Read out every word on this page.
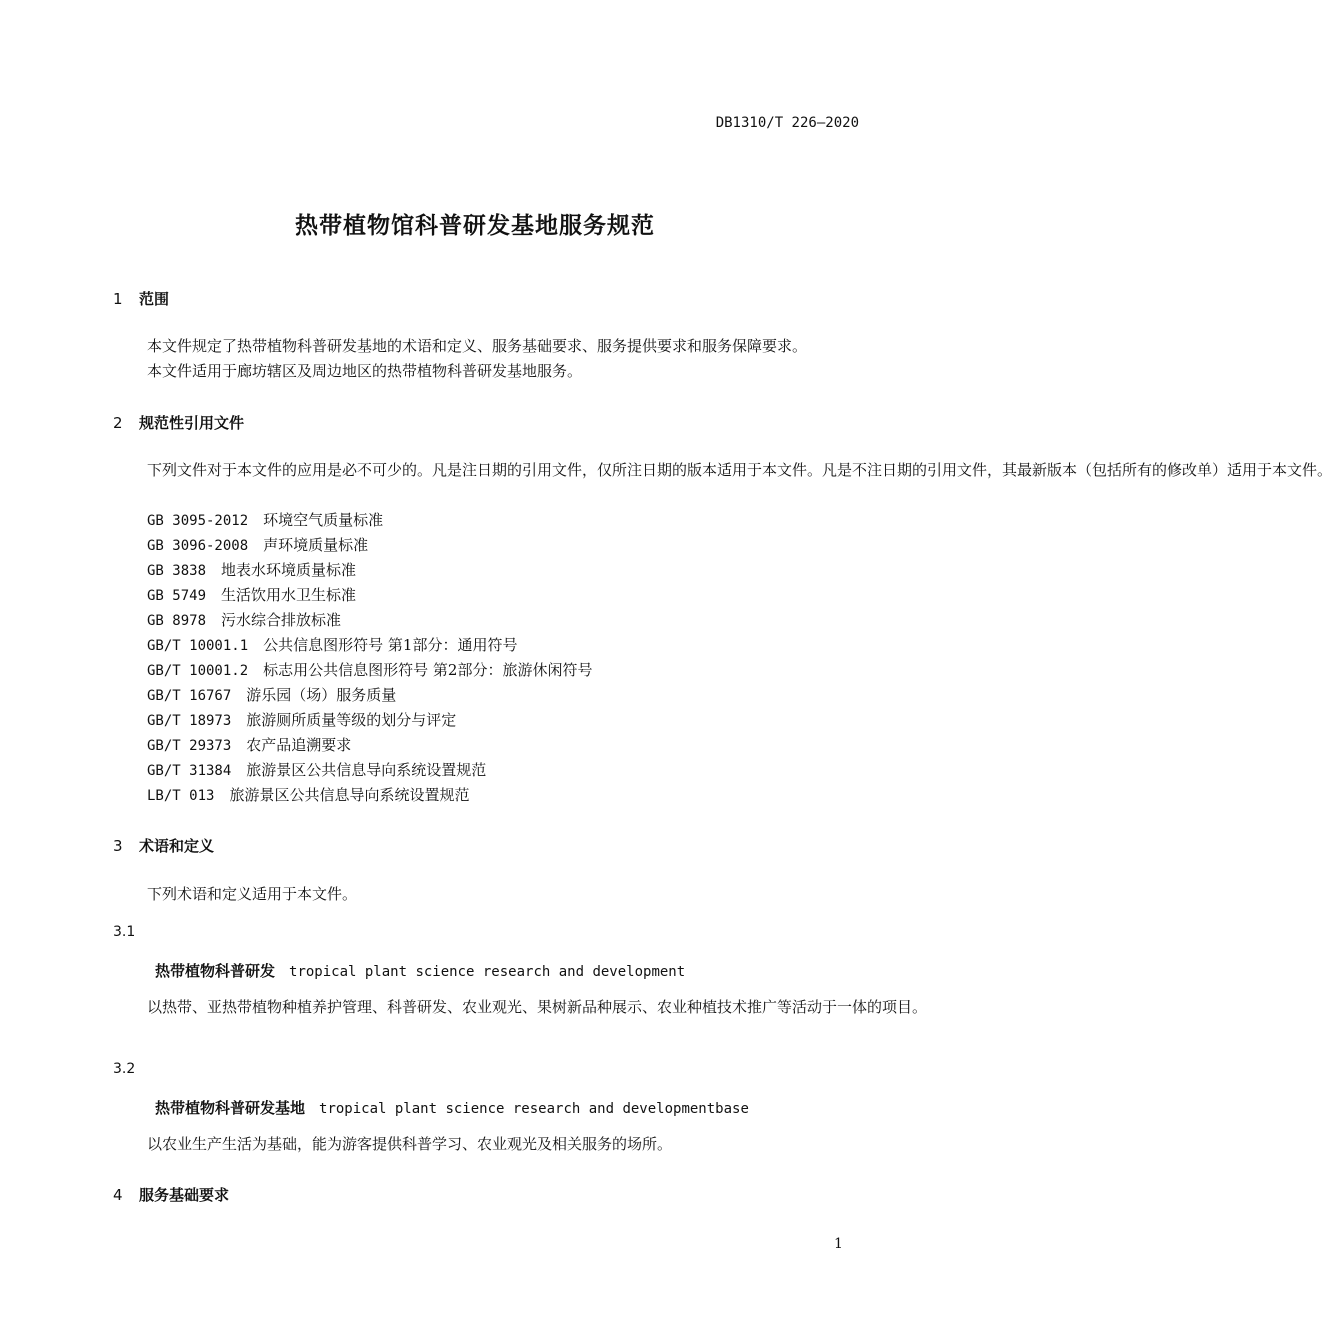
DB1310/T 226—2020
热带植物馆科普研发基地服务规范
1 范围

本文件规定了热带植物科普研发基地的术语和定义、服务基础要求、服务提供要求和服务保障要求。

本文件适用于廊坊辖区及周边地区的热带植物科普研发基地服务。

2 规范性引用文件

下列文件对于本文件的应用是必不可少的。凡是注日期的引用文件，仅所注日期的版本适用于本文件。凡是不注日期的引用文件，其最新版本（包括所有的修改单）适用于本文件。

GB 3095-2012  环境空气质量标准
GB 3096-2008  声环境质量标准
GB 3838  地表水环境质量标准
GB 5749  生活饮用水卫生标准
GB 8978  污水综合排放标准
GB/T 10001.1  公共信息图形符号 第1部分：通用符号
GB/T 10001.2  标志用公共信息图形符号 第2部分：旅游休闲符号
GB/T 16767  游乐园（场）服务质量
GB/T 18973  旅游厕所质量等级的划分与评定
GB/T 29373  农产品追溯要求
GB/T 31384  旅游景区公共信息导向系统设置规范
LB/T 013  旅游景区公共信息导向系统设置规范
3 术语和定义

下列术语和定义适用于本文件。

3.1
热带植物科普研发 tropical plant science research and development

以热带、亚热带植物种植养护管理、科普研发、农业观光、果树新品种展示、农业种植技术推广等活动于一体的项目。

3.2
热带植物科普研发基地 tropical plant science research and developmentbase

以农业生产生活为基础，能为游客提供科普学习、农业观光及相关服务的场所。

4 服务基础要求
1
